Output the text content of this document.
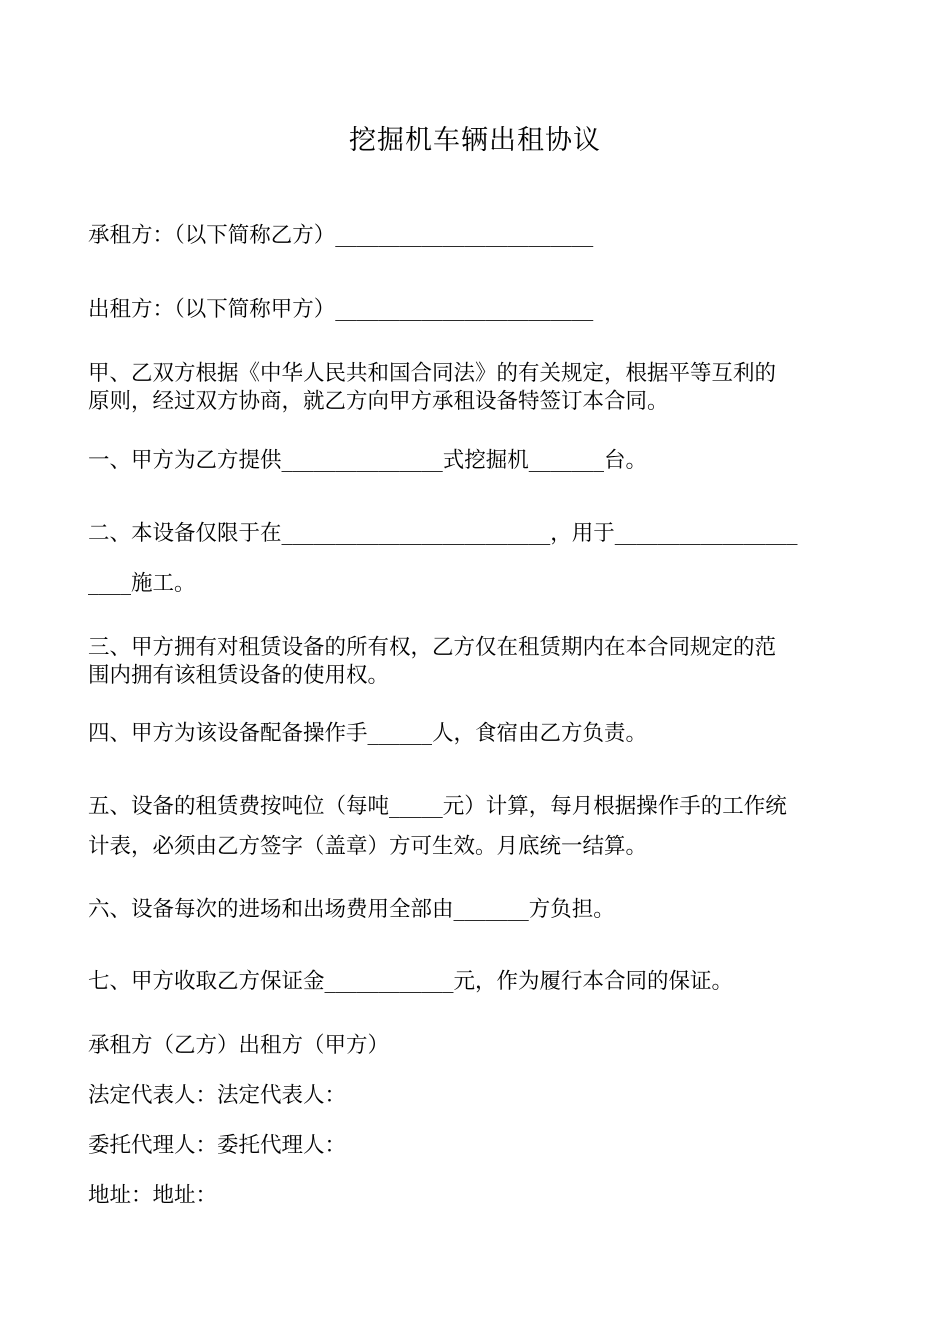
挖掘机车辆出租协议
承租方：（以下简称乙方）________________________
出租方：（以下简称甲方）________________________
甲、乙双方根据《中华人民共和国合同法》的有关规定，根据平等互利的
原则，经过双方协商，就乙方向甲方承租设备特签订本合同。
一、甲方为乙方提供_______________式挖掘机_______台。
二、本设备仅限于在_________________________，用于_________________
____施工。
三、甲方拥有对租赁设备的所有权，乙方仅在租赁期内在本合同规定的范
围内拥有该租赁设备的使用权。
四、甲方为该设备配备操作手______人，食宿由乙方负责。
五、设备的租赁费按吨位（每吨_____元）计算，每月根据操作手的工作统
计表，必须由乙方签字（盖章）方可生效。月底统一结算。
六、设备每次的进场和出场费用全部由_______方负担。
七、甲方收取乙方保证金____________元，作为履行本合同的保证。
承租方（乙方）出租方（甲方）
法定代表人：法定代表人：
委托代理人：委托代理人：
地址：地址：
